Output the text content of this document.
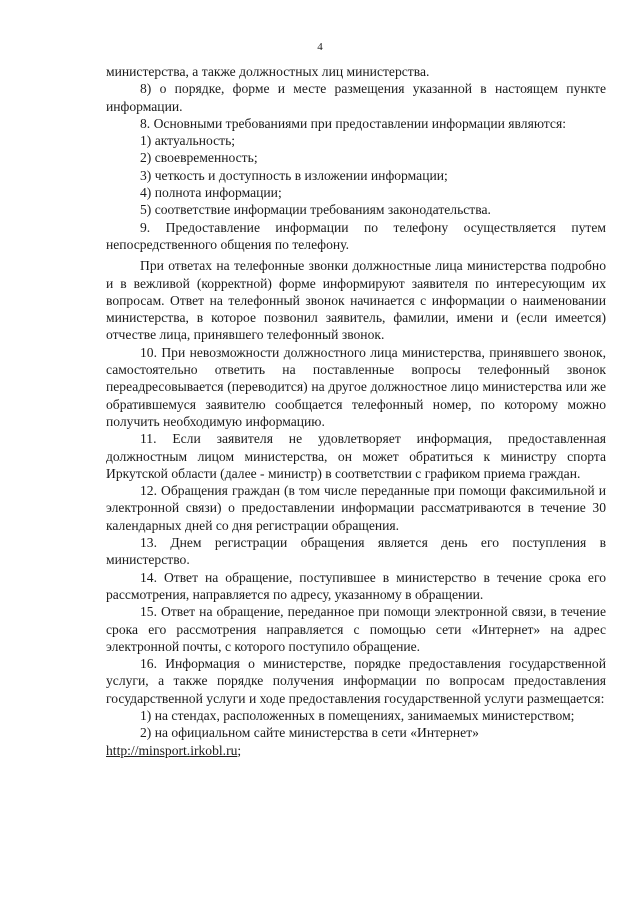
4

министерства, а также должностных лиц министерства.

8) о порядке, форме и месте размещения указанной в настоящем пункте информации.

8. Основными требованиями при предоставлении информации являются:

1) актуальность;

2) своевременность;

3) четкость и доступность в изложении информации;

4) полнота информации;

5) соответствие информации требованиям законодательства.

9. Предоставление информации по телефону осуществляется путем непосредственного общения по телефону.

При ответах на телефонные звонки должностные лица министерства подробно и в вежливой (корректной) форме информируют заявителя по интересующим их вопросам. Ответ на телефонный звонок начинается с информации о наименовании министерства, в которое позвонил заявитель, фамилии, имени и (если имеется) отчестве лица, принявшего телефонный звонок.

10. При невозможности должностного лица министерства, принявшего звонок, самостоятельно ответить на поставленные вопросы телефонный звонок переадресовывается (переводится) на другое должностное лицо министерства или же обратившемуся заявителю сообщается телефонный номер, по которому можно получить необходимую информацию.

11. Если заявителя не удовлетворяет информация, предоставленная должностным лицом министерства, он может обратиться к министру спорта Иркутской области (далее - министр) в соответствии с графиком приема граждан.

12. Обращения граждан (в том числе переданные при помощи факсимильной и электронной связи) о предоставлении информации рассматриваются в течение 30 календарных дней со дня регистрации обращения.

13. Днем регистрации обращения является день его поступления в министерство.

14. Ответ на обращение, поступившее в министерство в течение срока его рассмотрения, направляется по адресу, указанному в обращении.

15. Ответ на обращение, переданное при помощи электронной связи, в течение срока его рассмотрения направляется с помощью сети «Интернет» на адрес электронной почты, с которого поступило обращение.

16. Информация о министерстве, порядке предоставления государственной услуги, а также порядке получения информации по вопросам предоставления государственной услуги и ходе предоставления государственной услуги размещается:

1) на стендах, расположенных в помещениях, занимаемых министерством;

2) на официальном сайте министерства в сети «Интернет»

http://minsport.irkobl.ru;
